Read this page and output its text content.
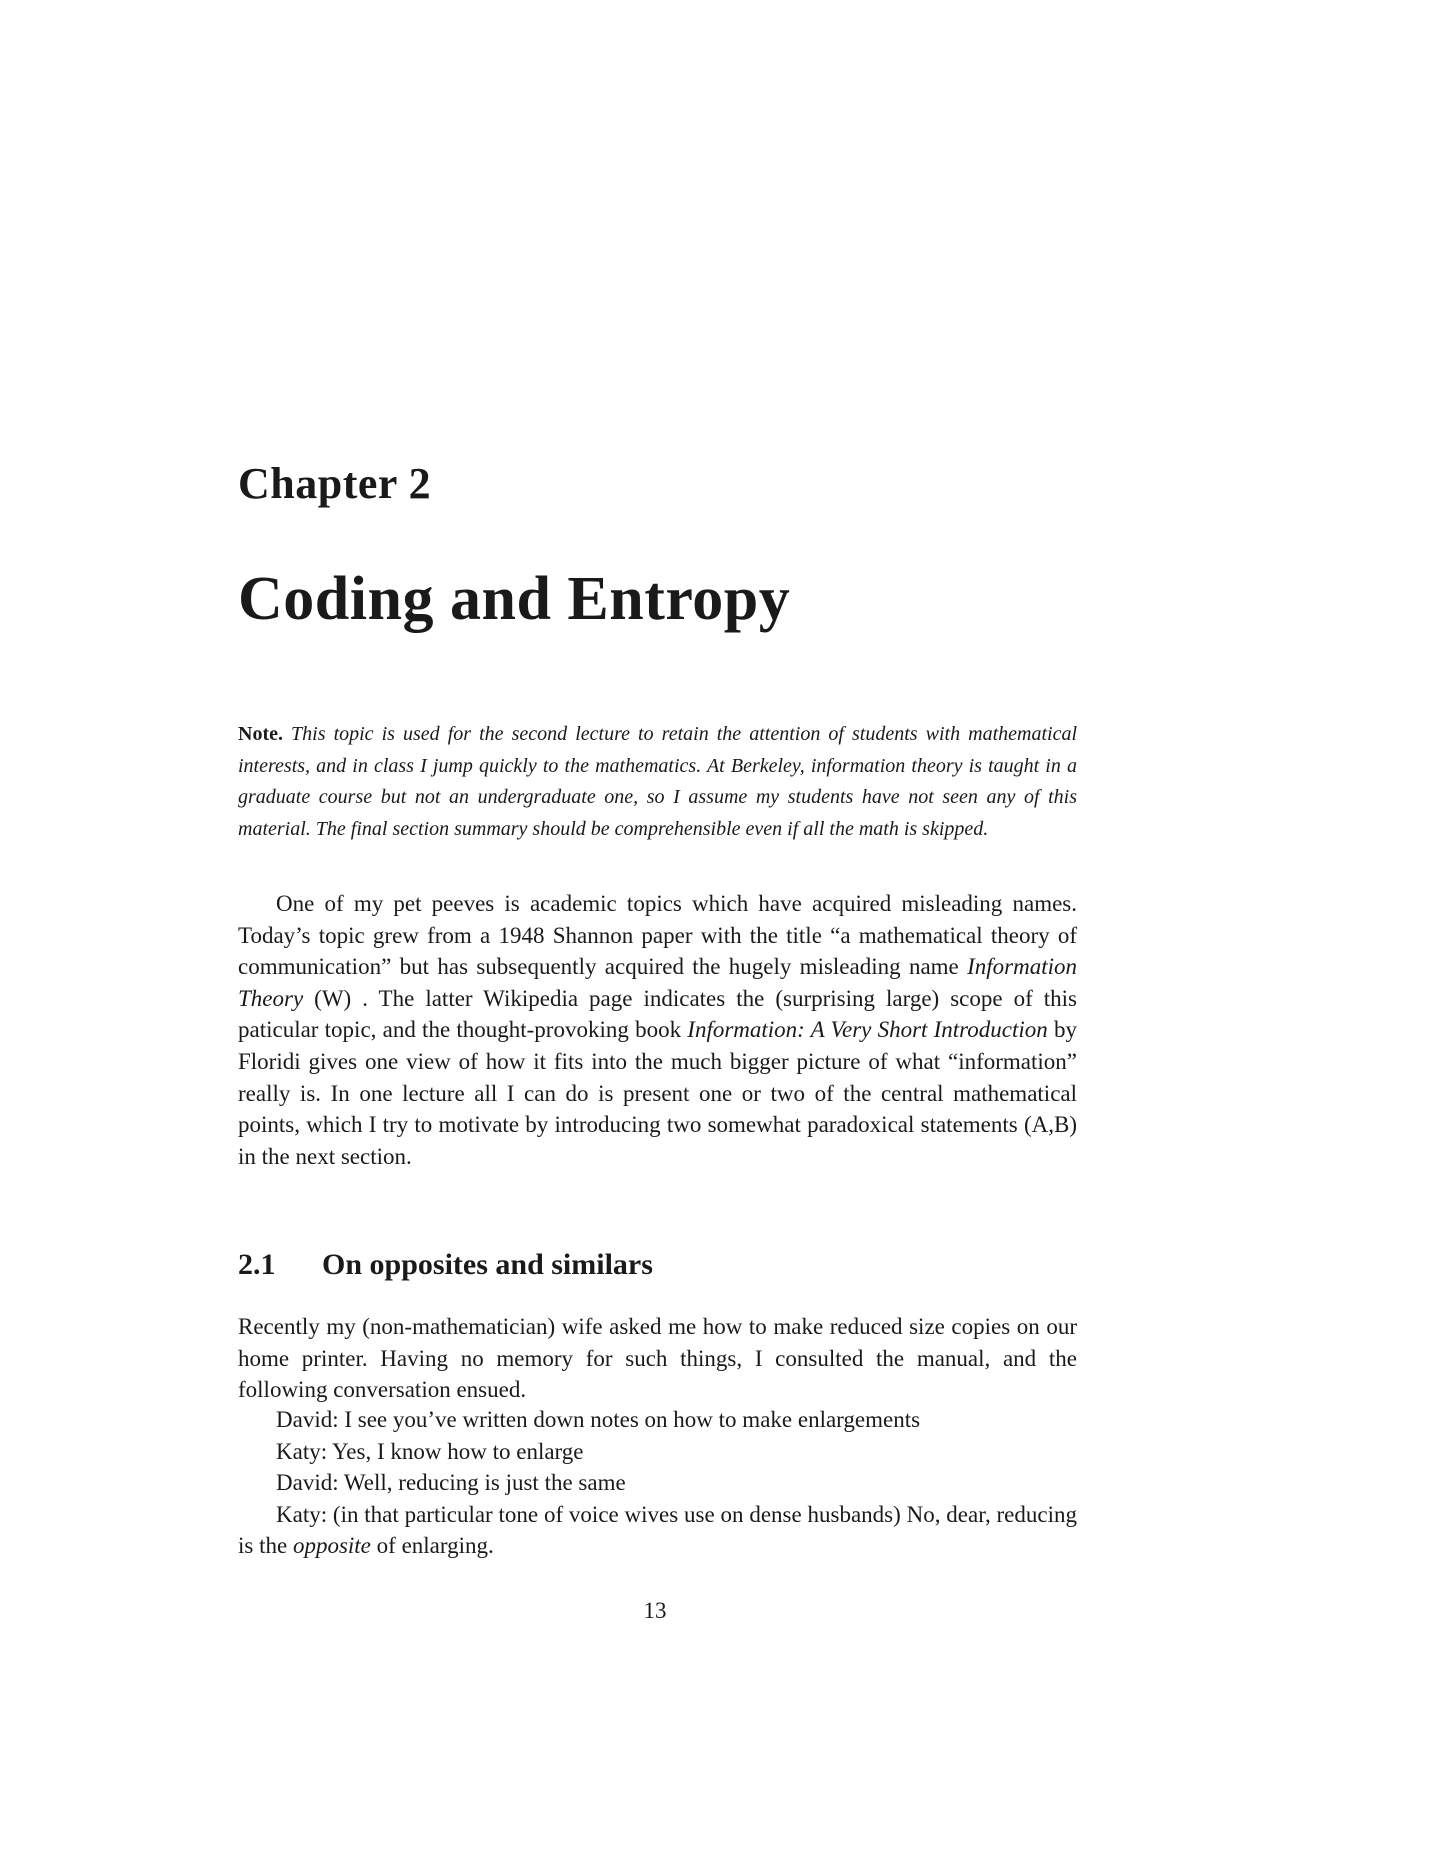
Chapter 2
Coding and Entropy

Note. This topic is used for the second lecture to retain the attention of students with mathematical interests, and in class I jump quickly to the mathematics. At Berkeley, information theory is taught in a graduate course but not an undergraduate one, so I assume my students have not seen any of this material. The final section summary should be comprehensible even if all the math is skipped.

One of my pet peeves is academic topics which have acquired misleading names. Today’s topic grew from a 1948 Shannon paper with the title “a mathematical theory of communication” but has subsequently acquired the hugely misleading name Information Theory (W) . The latter Wikipedia page indicates the (surprising large) scope of this paticular topic, and the thought-provoking book Information: A Very Short Introduction by Floridi gives one view of how it fits into the much bigger picture of what “information” really is. In one lecture all I can do is present one or two of the central mathematical points, which I try to motivate by introducing two somewhat paradoxical statements (A,B) in the next section.

2.1 On opposites and similars

Recently my (non-mathematician) wife asked me how to make reduced size copies on our home printer. Having no memory for such things, I consulted the manual, and the following conversation ensued.

David: I see you’ve written down notes on how to make enlargements
Katy: Yes, I know how to enlarge
David: Well, reducing is just the same
Katy: (in that particular tone of voice wives use on dense husbands) No, dear, reducing is the opposite of enlarging.

13
